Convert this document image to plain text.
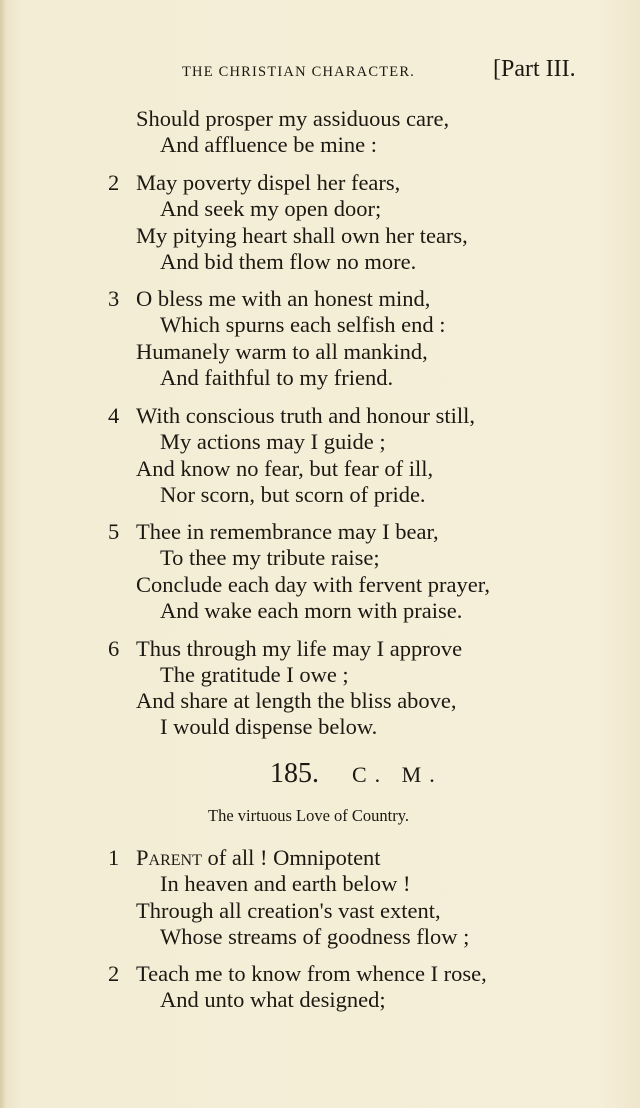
THE CHRISTIAN CHARACTER.	[Part III.
Should prosper my assiduous care,
And affluence be mine :
2 May poverty dispel her fears,
And seek my open door;
My pitying heart shall own her tears,
And bid them flow no more.
3 O bless me with an honest mind,
Which spurns each selfish end :
Humanely warm to all mankind,
And faithful to my friend.
4 With conscious truth and honour still,
My actions may I guide ;
And know no fear, but fear of ill,
Nor scorn, but scorn of pride.
5 Thee in remembrance may I bear,
To thee my tribute raise;
Conclude each day with fervent prayer,
And wake each morn with praise.
6 Thus through my life may I approve
The gratitude I owe ;
And share at length the bliss above,
I would dispense below.
185. C. M.
The virtuous Love of Country.
1 Parent of all ! Omnipotent
In heaven and earth below !
Through all creation's vast extent,
Whose streams of goodness flow ;
2 Teach me to know from whence I rose,
And unto what designed;
